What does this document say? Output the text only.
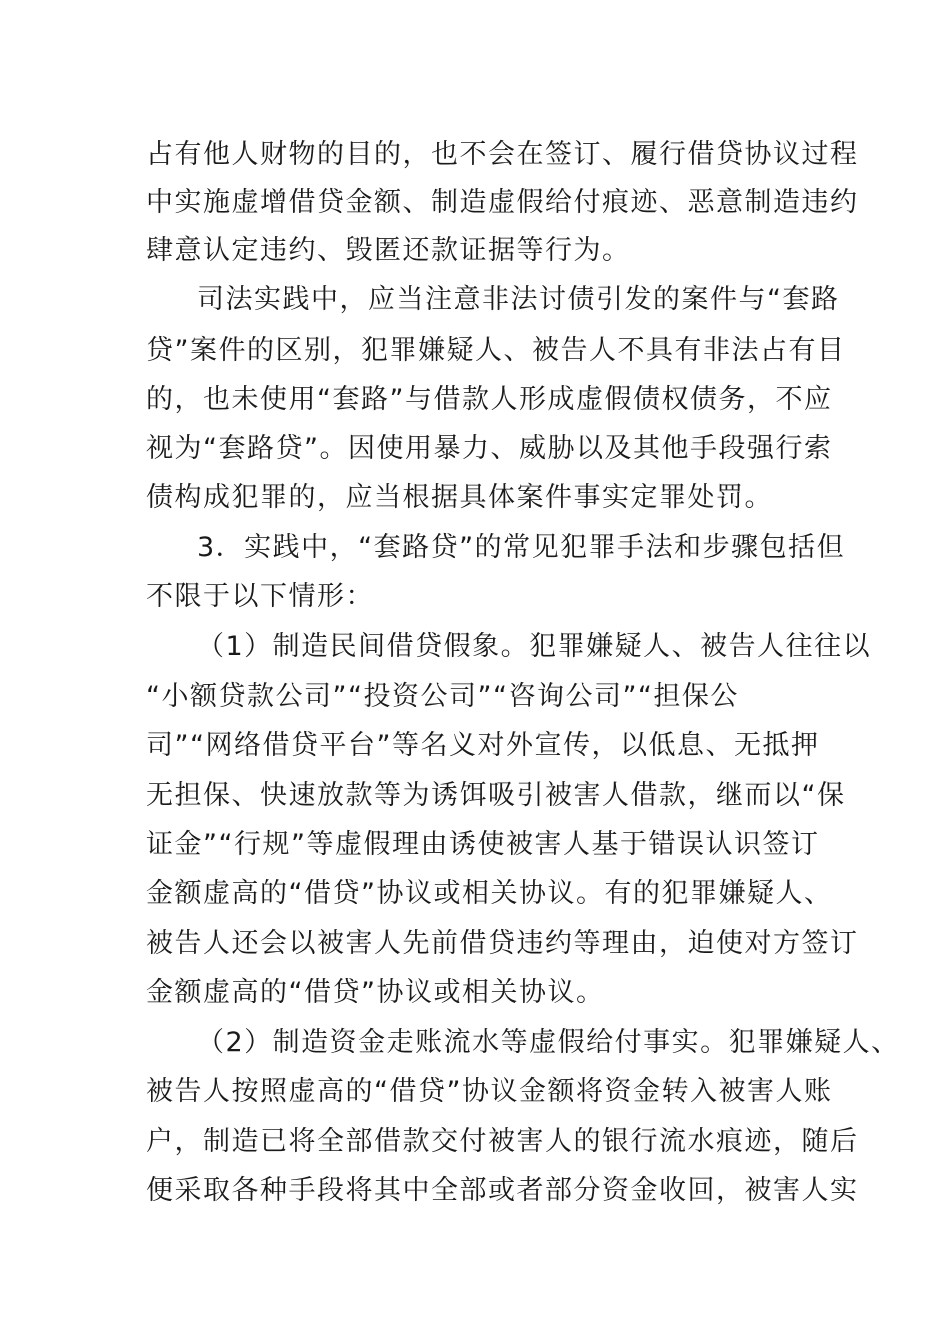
占有他人财物的目的，也不会在签订、履行借贷协议过程

中实施虚增借贷金额、制造虚假给付痕迹、恶意制造违约

肆意认定违约、毁匿还款证据等行为。

司法实践中，应当注意非法讨债引发的案件与“套路

贷”案件的区别，犯罪嫌疑人、被告人不具有非法占有目

的，也未使用“套路”与借款人形成虚假债权债务，不应

视为“套路贷”。因使用暴力、威胁以及其他手段强行索

债构成犯罪的，应当根据具体案件事实定罪处罚。

3．实践中，“套路贷”的常见犯罪手法和步骤包括但

不限于以下情形：

（1）制造民间借贷假象。犯罪嫌疑人、被告人往往以

“小额贷款公司”“投资公司”“咨询公司”“担保公

司”“网络借贷平台”等名义对外宣传，以低息、无抵押

无担保、快速放款等为诱饵吸引被害人借款，继而以“保

证金”“行规”等虚假理由诱使被害人基于错误认识签订

金额虚高的“借贷”协议或相关协议。有的犯罪嫌疑人、

被告人还会以被害人先前借贷违约等理由，迫使对方签订

金额虚高的“借贷”协议或相关协议。

（2）制造资金走账流水等虚假给付事实。犯罪嫌疑人、

被告人按照虚高的“借贷”协议金额将资金转入被害人账

户，制造已将全部借款交付被害人的银行流水痕迹，随后

便采取各种手段将其中全部或者部分资金收回，被害人实
